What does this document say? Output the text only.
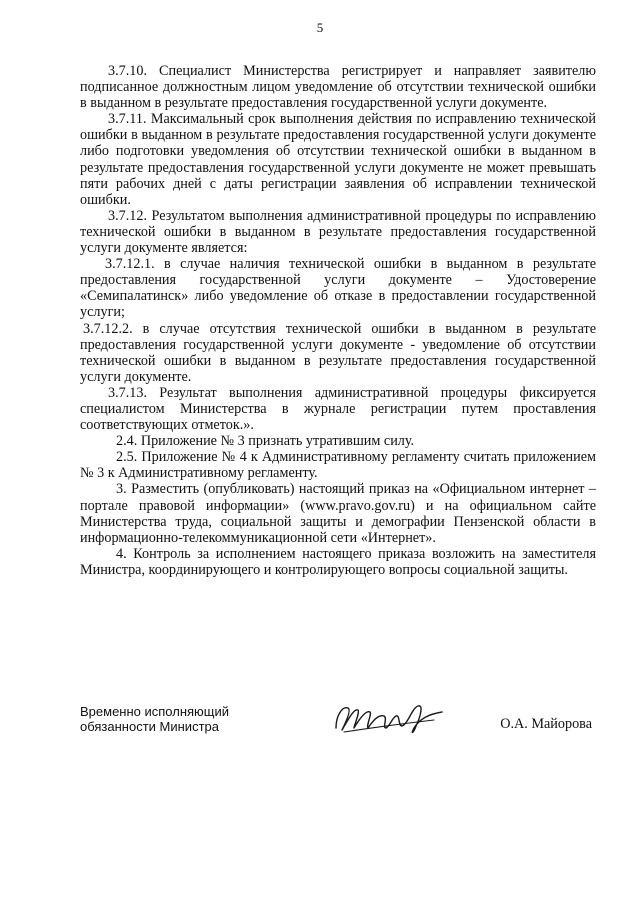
5

3.7.10. Специалист Министерства регистрирует и направляет заявителю подписанное должностным лицом уведомление об отсутствии технической ошибки в выданном в результате предоставления государственной услуги документе.

3.7.11. Максимальный срок выполнения действия по исправлению технической ошибки в выданном в результате предоставления государственной услуги документе либо подготовки уведомления об отсутствии технической ошибки в выданном в результате предоставления государственной услуги документе не может превышать пяти рабочих дней с даты регистрации заявления об исправлении технической ошибки.

3.7.12. Результатом выполнения административной процедуры по исправлению технической ошибки в выданном в результате предоставления государственной услуги документе является:

3.7.12.1. в случае наличия технической ошибки в выданном в результате предоставления государственной услуги документе – Удостоверение «Семипалатинск» либо уведомление об отказе в предоставлении государственной услуги;

3.7.12.2. в случае отсутствия технической ошибки в выданном в результате предоставления государственной услуги документе - уведомление об отсутствии технической ошибки в выданном в результате предоставления государственной услуги документе.

3.7.13. Результат выполнения административной процедуры фиксируется специалистом Министерства в журнале регистрации путем проставления соответствующих отметок.».

2.4. Приложение № 3 признать утратившим силу.

2.5. Приложение № 4 к Административному регламенту считать приложением № 3 к Административному регламенту.

3. Разместить (опубликовать) настоящий приказ на «Официальном интернет – портале правовой информации» (www.pravo.gov.ru) и на официальном сайте Министерства труда, социальной защиты и демографии Пензенской области в информационно-телекоммуникационной сети «Интернет».

4. Контроль за исполнением настоящего приказа возложить на заместителя Министра, координирующего и контролирующего вопросы социальной защиты.

Временно исполняющий
обязанности Министра	О.А. Майорова
